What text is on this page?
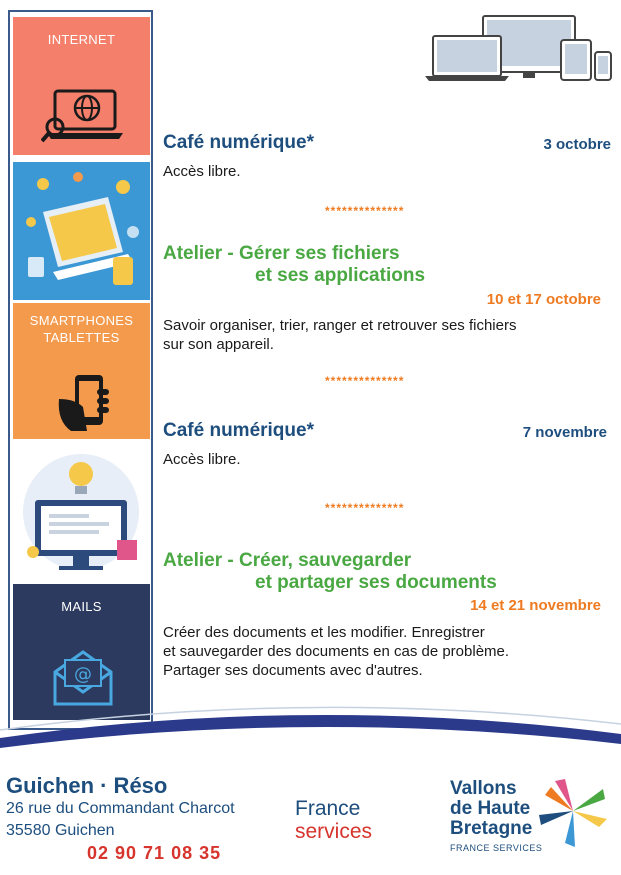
INTERNET
SMARTPHONES
TABLETTES
MAILS
@
Café numérique*	3 octobre
Accès libre.
**************
Atelier - Gérer ses fichiers
et ses applications
10 et 17 octobre
Savoir organiser, trier, ranger et retrouver ses fichiers
sur son appareil.
**************
Café numérique*	7 novembre
Accès libre.
**************
Atelier - Créer, sauvegarder
et partager ses documents
14 et 21 novembre
Créer des documents et les modifier. Enregistrer
et sauvegarder des documents en cas de problème.
Partager ses documents avec d'autres.
Guichen · Réso
26 rue du Commandant Charcot
35580 Guichen
02 90 71 08 35
France
services
Vallons
de Haute
Bretagne
FRANCE SERVICES
